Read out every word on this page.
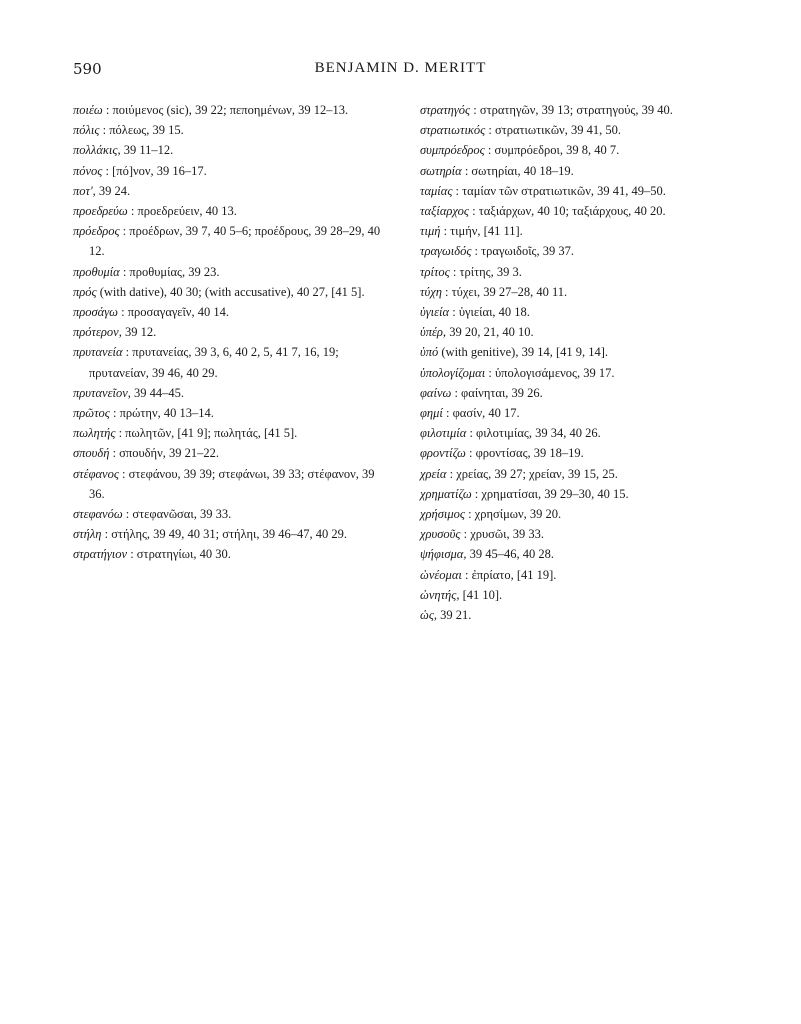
590	BENJAMIN D. MERITT
ποιέω : ποιύμενος (sic), 39 22; πεποημένων, 39 12–13.
πόλις : πόλεως, 39 15.
πολλάκις, 39 11–12.
πόνος : [πό]νον, 39 16–17.
ποτ', 39 24.
προεδρεύω : προεδρεύειν, 40 13.
πρόεδρος : προέδρων, 39 7, 40 5–6; προέδρους, 39 28–29, 40 12.
προθυμία : προθυμίας, 39 23.
πρός (with dative), 40 30; (with accusative), 40 27, [41 5].
προσάγω : προσαγαγεῖν, 40 14.
πρότερον, 39 12.
πρυτανεία : πρυτανείας, 39 3, 6, 40 2, 5, 41 7, 16, 19; πρυτανείαν, 39 46, 40 29.
πρυτανεῖον, 39 44–45.
πρῶτος : πρώτην, 40 13–14.
πωλητής : πωλητῶν, [41 9]; πωλητάς, [41 5].
σπουδή : σπουδήν, 39 21–22.
στέφανος : στεφάνου, 39 39; στεφάνωι, 39 33; στέφανον, 39 36.
στεφανόω : στεφανῶσαι, 39 33.
στήλη : στήλης, 39 49, 40 31; στήληι, 39 46–47, 40 29.
στρατήγιον : στρατηγίωι, 40 30.
στρατηγός : στρατηγῶν, 39 13; στρατηγούς, 39 40.
στρατιωτικός : στρατιωτικῶν, 39 41, 50.
συμπρόεδρος : συμπρόεδροι, 39 8, 40 7.
σωτηρία : σωτηρίαι, 40 18–19.
ταμίας : ταμίαν τῶν στρατιωτικῶν, 39 41, 49–50.
ταξίαρχος : ταξιάρχων, 40 10; ταξιάρχους, 40 20.
τιμή : τιμήν, [41 11].
τραγωιδός : τραγωιδοῖς, 39 37.
τρίτος : τρίτης, 39 3.
τύχη : τύχει, 39 27–28, 40 11.
ὑγιεία : ὑγιείαι, 40 18.
ὑπέρ, 39 20, 21, 40 10.
ὑπό (with genitive), 39 14, [41 9, 14].
ὑπολογίζομαι : ὑπολογισάμενος, 39 17.
φαίνω : φαίνηται, 39 26.
φημί : φασίν, 40 17.
φιλοτιμία : φιλοτιμίας, 39 34, 40 26.
φροντίζω : φροντίσας, 39 18–19.
χρεία : χρείας, 39 27; χρείαν, 39 15, 25.
χρηματίζω : χρηματίσαι, 39 29–30, 40 15.
χρήσιμος : χρησίμων, 39 20.
χρυσοῦς : χρυσῶι, 39 33.
ψήφισμα, 39 45–46, 40 28.
ὠνέομαι : ἐπρίατο, [41 19].
ὠνητής, [41 10].
ὡς, 39 21.
